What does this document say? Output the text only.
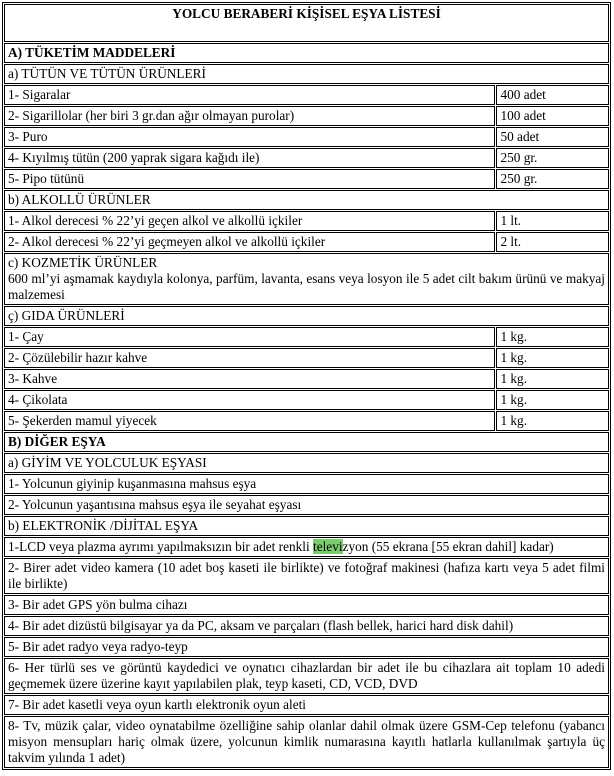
YOLCU BERABERİ KİŞİSEL EŞYA LİSTESİ	
A) TÜKETİM MADDELERİ	
a) TÜTÜN VE TÜTÜN ÜRÜNLERİ	
1- Sigaralar	400 adet
2- Sigarillolar (her biri 3 gr.dan ağır olmayan purolar)	100 adet
3- Puro	50 adet
4- Kıyılmış tütün (200 yaprak sigara kağıdı ile)	250 gr.
5- Pipo tütünü	250 gr.
b) ALKOLLÜ ÜRÜNLER	
1- Alkol derecesi % 22’yi geçen alkol ve alkollü içkiler	1 lt.
2- Alkol derecesi % 22’yi geçmeyen alkol ve alkollü içkiler	2 lt.

c) KOZMETİK ÜRÜNLER
600 ml’yi aşmamak kaydıyla kolonya, parfüm, lavanta, esans veya losyon ile 5 adet cilt bakım ürünü ve makyaj malzemesi	

ç) GIDA ÜRÜNLERİ	
1- Çay	1 kg.
2- Çözülebilir hazır kahve	1 kg.
3- Kahve	1 kg.
4- Çikolata	1 kg.
5- Şekerden mamul yiyecek	1 kg.
B) DİĞER EŞYA	
a) GİYİM VE YOLCULUK EŞYASI	
1- Yolcunun giyinip kuşanmasına mahsus eşya	
2- Yolcunun yaşantısına mahsus eşya ile seyahat eşyası	
b) ELEKTRONİK /DİJİTAL EŞYA	
1-LCD veya plazma ayrımı yapılmaksızın bir adet renkli televizyon (55 ekrana [55 ekran dahil] kadar)	
2- Birer adet video kamera (10 adet boş kaseti ile birlikte) ve fotoğraf makinesi (hafıza kartı veya 5 adet filmi ile birlikte)	
3- Bir adet GPS yön bulma cihazı	
4- Bir adet dizüstü bilgisayar ya da PC, aksam ve parçaları (flash bellek, harici hard disk dahil)	
5- Bir adet radyo veya radyo-teyp	
6- Her türlü ses ve görüntü kaydedici ve oynatıcı cihazlardan bir adet ile bu cihazlara ait toplam 10 adedi geçmemek üzere üzerine kayıt yapılabilen plak, teyp kaseti, CD, VCD, DVD	
7- Bir adet kasetli veya oyun kartlı elektronik oyun aleti	
8- Tv, müzik çalar, video oynatabilme özelliğine sahip olanlar dahil olmak üzere GSM-Cep telefonu (yabancı misyon mensupları hariç olmak üzere, yolcunun kimlik numarasına kayıtlı hatlarla kullanılmak şartıyla üç takvim yılında 1 adet)	
